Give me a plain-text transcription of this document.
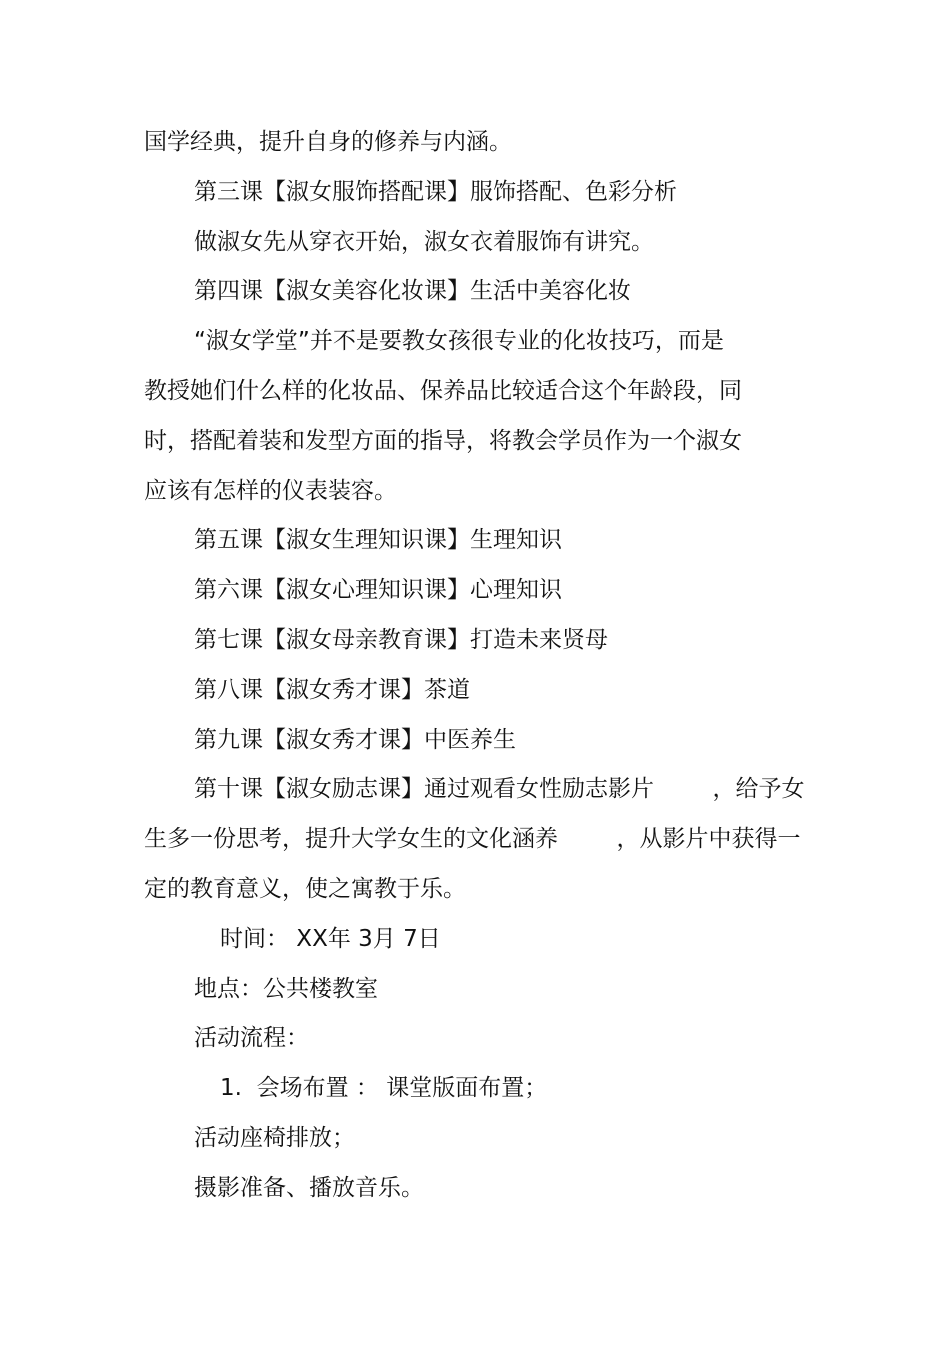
国学经典，提升自身的修养与内涵。
第三课【淑女服饰搭配课】服饰搭配、色彩分析
做淑女先从穿衣开始，淑女衣着服饰有讲究。
第四课【淑女美容化妆课】生活中美容化妆
“淑女学堂”并不是要教女孩很专业的化妆技巧，而是
教授她们什么样的化妆品、保养品比较适合这个年龄段，同
时，搭配着装和发型方面的指导，将教会学员作为一个淑女
应该有怎样的仪表装容。
第五课【淑女生理知识课】生理知识
第六课【淑女心理知识课】心理知识
第七课【淑女母亲教育课】打造未来贤母
第八课【淑女秀才课】茶道
第九课【淑女秀才课】中医养生
第十课【淑女励志课】通过观看女性励志影片        ，给予女
生多一份思考，提升大学女生的文化涵养        ，从影片中获得一
定的教育意义，使之寓教于乐。
时间： XX年 3月 7日
地点：公共楼教室
活动流程：
1.  会场布置 ： 课堂版面布置；
活动座椅排放；
摄影准备、播放音乐。
